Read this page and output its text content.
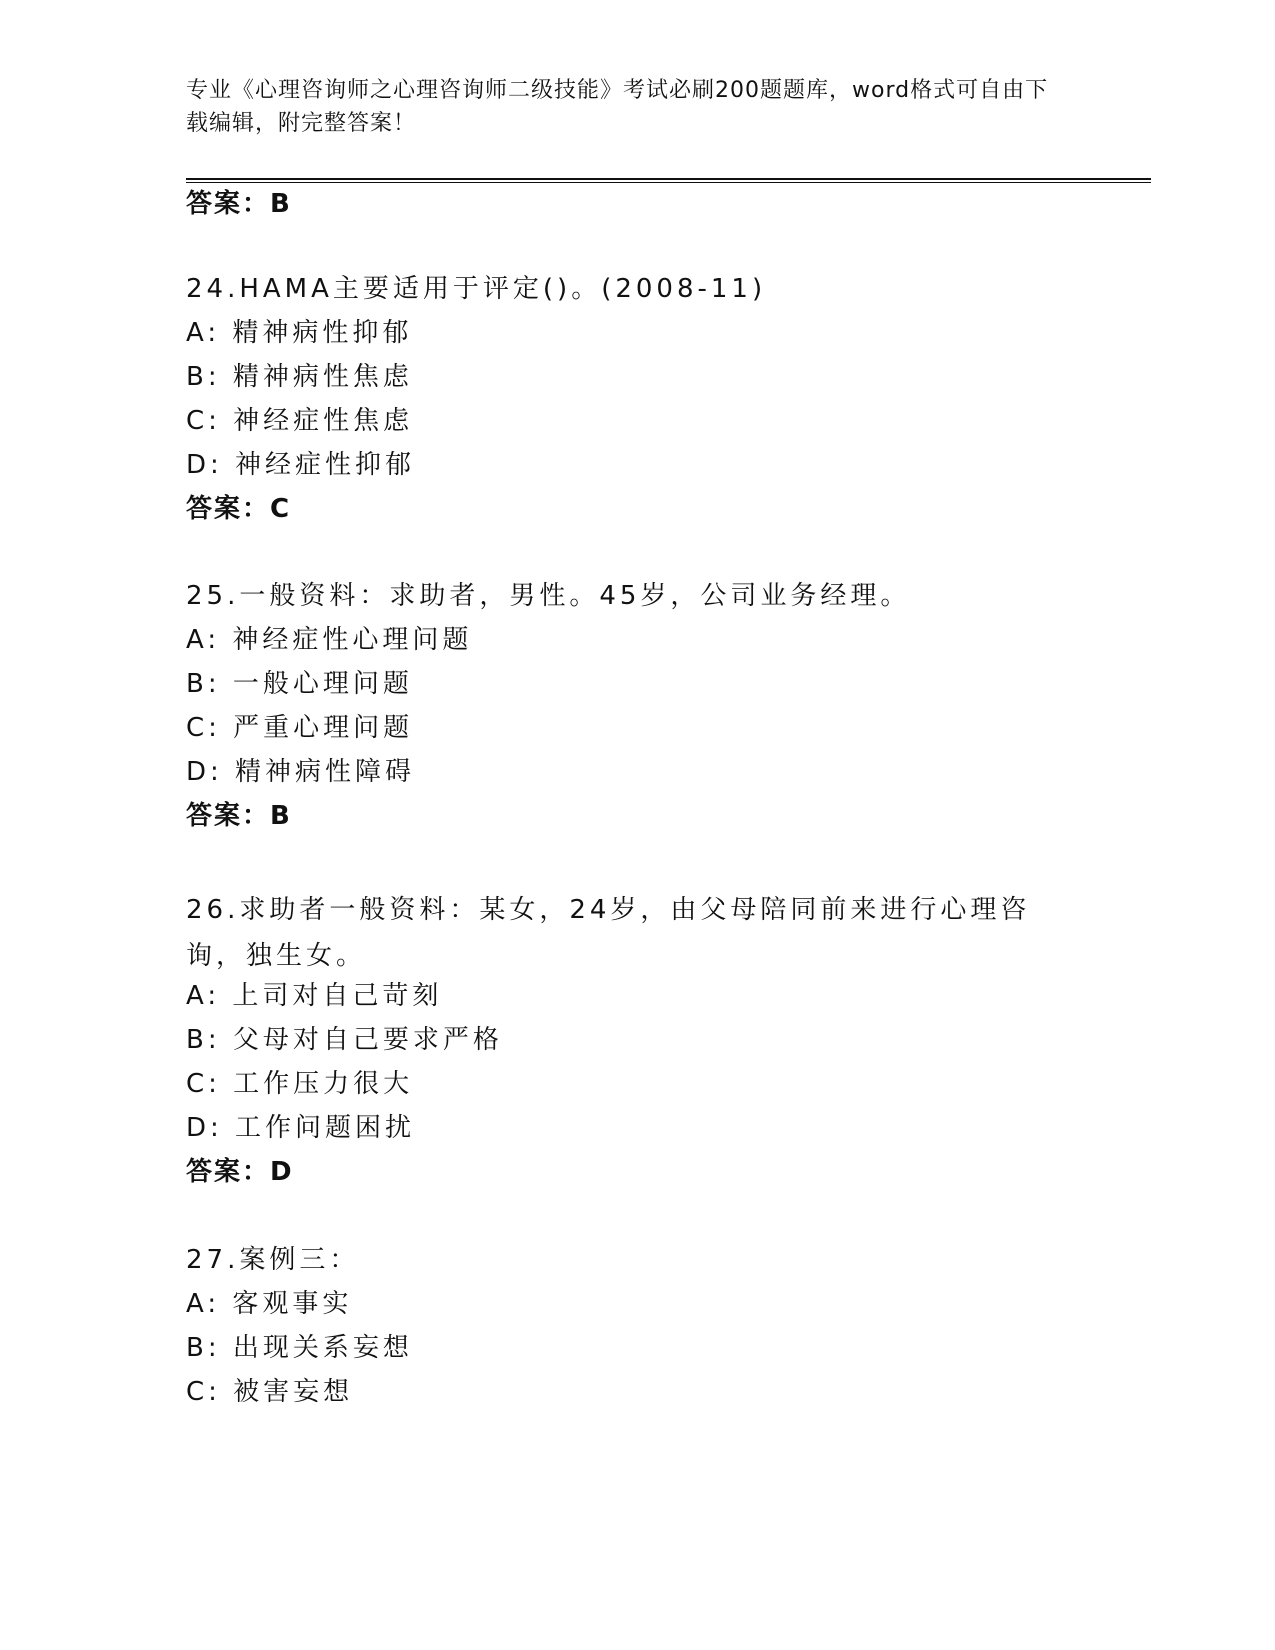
专业《心理咨询师之心理咨询师二级技能》考试必刷200题题库，word格式可自由下载编辑，附完整答案！
答案：B
24.HAMA主要适用于评定()。(2008-11)
A: 精神病性抑郁
B: 精神病性焦虑
C: 神经症性焦虑
D: 神经症性抑郁
答案：C
25.一般资料：求助者，男性。45岁，公司业务经理。
A: 神经症性心理问题
B: 一般心理问题
C: 严重心理问题
D: 精神病性障碍
答案：B
26.求助者一般资料：某女，24岁，由父母陪同前来进行心理咨询，独生女。
A: 上司对自己苛刻
B: 父母对自己要求严格
C: 工作压力很大
D: 工作问题困扰
答案：D
27.案例三：
A: 客观事实
B: 出现关系妄想
C: 被害妄想
